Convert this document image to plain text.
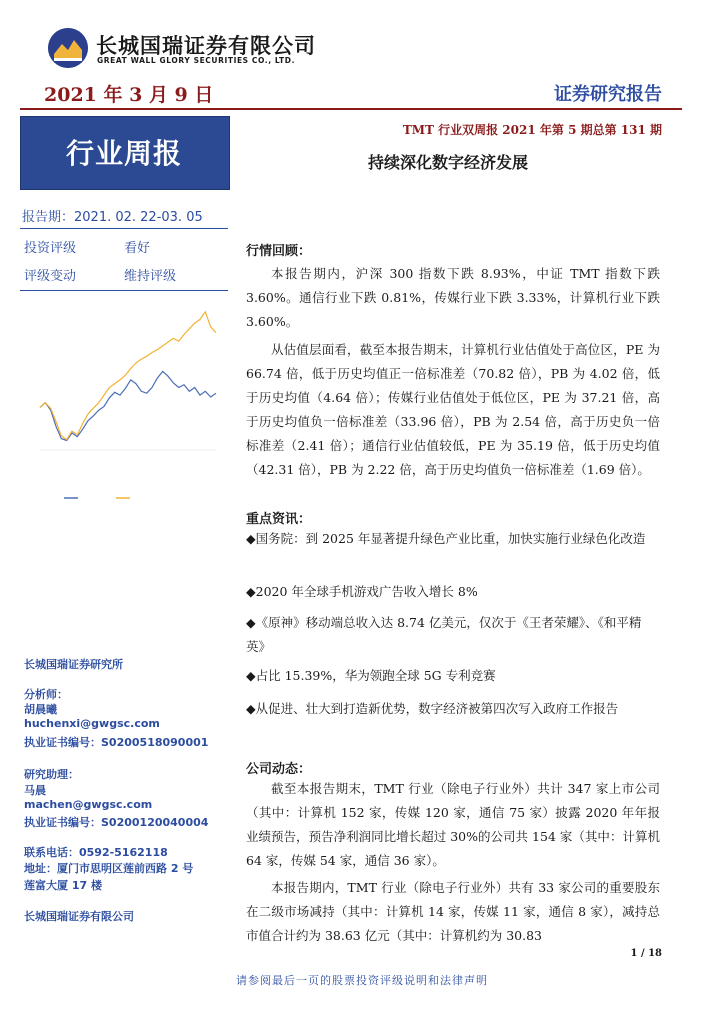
长城国瑞证券有限公司
GREAT WALL GLORY SECURITIES CO., LTD.
2021 年 3 月 9 日	证券研究报告
行业周报
TMT 行业双周报 2021 年第 5 期总第 131 期
持续深化数字经济发展
报告期：2021. 02. 22-03. 05
投资评级	看好
评级变动	维持评级
长城国瑞证券研究所
分析师：
胡晨曦
huchenxi@gwgsc.com
执业证书编号：S0200518090001
研究助理：
马晨
machen@gwgsc.com
执业证书编号：S0200120040004
联系电话：0592-5162118
地址：厦门市思明区莲前西路 2 号
莲富大厦 17 楼
长城国瑞证券有限公司
行情回顾：
本报告期内，沪深 300 指数下跌 8.93%，中证 TMT 指数下跌 3.60%。通信行业下跌 0.81%，传媒行业下跌 3.33%，计算机行业下跌 3.60%。
从估值层面看，截至本报告期末，计算机行业估值处于高位区，PE 为 66.74 倍，低于历史均值正一倍标准差（70.82 倍），PB 为 4.02 倍，低于历史均值（4.64 倍）；传媒行业估值处于低位区，PE 为 37.21 倍，高于历史均值负一倍标准差（33.96 倍），PB 为 2.54 倍，高于历史负一倍标准差（2.41 倍）；通信行业估值较低，PE 为 35.19 倍，低于历史均值（42.31 倍），PB 为 2.22 倍，高于历史均值负一倍标准差（1.69 倍）。
重点资讯：
◆国务院：到 2025 年显著提升绿色产业比重，加快实施行业绿色化改造
◆2020 年全球手机游戏广告收入增长 8%
◆《原神》移动端总收入达 8.74 亿美元，仅次于《王者荣耀》、《和平精英》
◆占比 15.39%，华为领跑全球 5G 专利竞赛
◆从促进、壮大到打造新优势，数字经济被第四次写入政府工作报告
公司动态：
截至本报告期末，TMT 行业（除电子行业外）共计 347 家上市公司（其中：计算机 152 家，传媒 120 家，通信 75 家）披露 2020 年年报业绩预告，预告净利润同比增长超过 30%的公司共 154 家（其中：计算机 64 家，传媒 54 家，通信 36 家）。
本报告期内，TMT 行业（除电子行业外）共有 33 家公司的重要股东在二级市场减持（其中：计算机 14 家，传媒 11 家，通信 8 家），减持总市值合计约为 38.63 亿元（其中：计算机约为 30.83
1 / 18
请参阅最后一页的股票投资评级说明和法律声明
